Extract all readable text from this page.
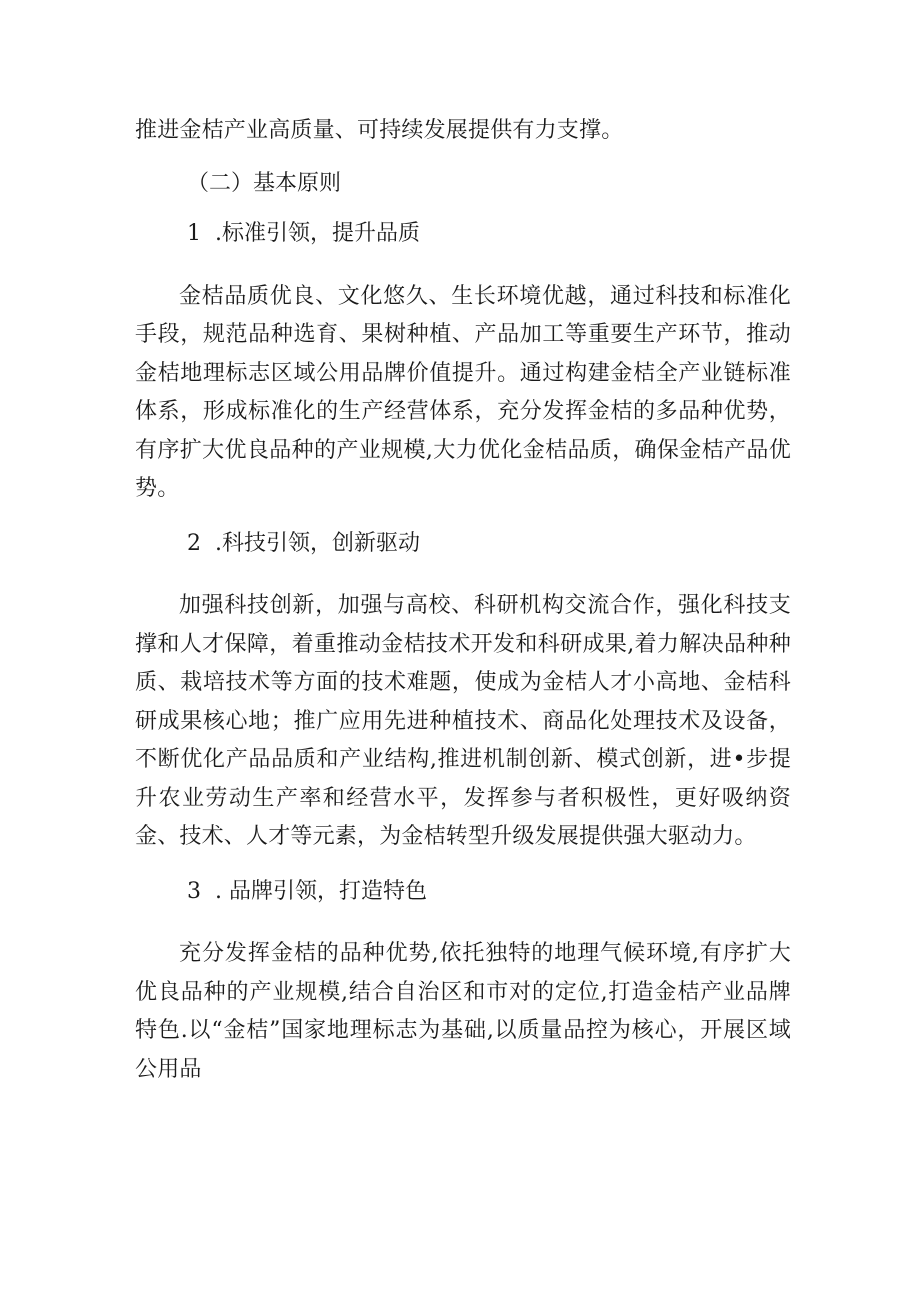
推进金桔产业高质量、可持续发展提供有力支撑。

（二）基本原则

1 .标准引领，提升品质

金桔品质优良、文化悠久、生长环境优越，通过科技和标准化手段，规范品种选育、果树种植、产品加工等重要生产环节，推动金桔地理标志区域公用品牌价值提升。通过构建金桔全产业链标准体系，形成标准化的生产经营体系，充分发挥金桔的多品种优势，有序扩大优良品种的产业规模,大力优化金桔品质，确保金桔产品优势。

2 .科技引领，创新驱动

加强科技创新，加强与高校、科研机构交流合作，强化科技支撑和人才保障，着重推动金桔技术开发和科研成果,着力解决品种种质、栽培技术等方面的技术难题，使成为金桔人才小高地、金桔科研成果核心地；推广应用先进种植技术、商品化处理技术及设备，不断优化产品品质和产业结构,推进机制创新、模式创新，进•步提升农业劳动生产率和经营水平，发挥参与者积极性，更好吸纳资金、技术、人才等元素，为金桔转型升级发展提供强大驱动力。

3 . 品牌引领，打造特色

充分发挥金桔的品种优势,依托独特的地理气候环境,有序扩大优良品种的产业规模,结合自治区和市对的定位,打造金桔产业品牌特色.以“金桔”国家地理标志为基础,以质量品控为核心，开展区域公用品
